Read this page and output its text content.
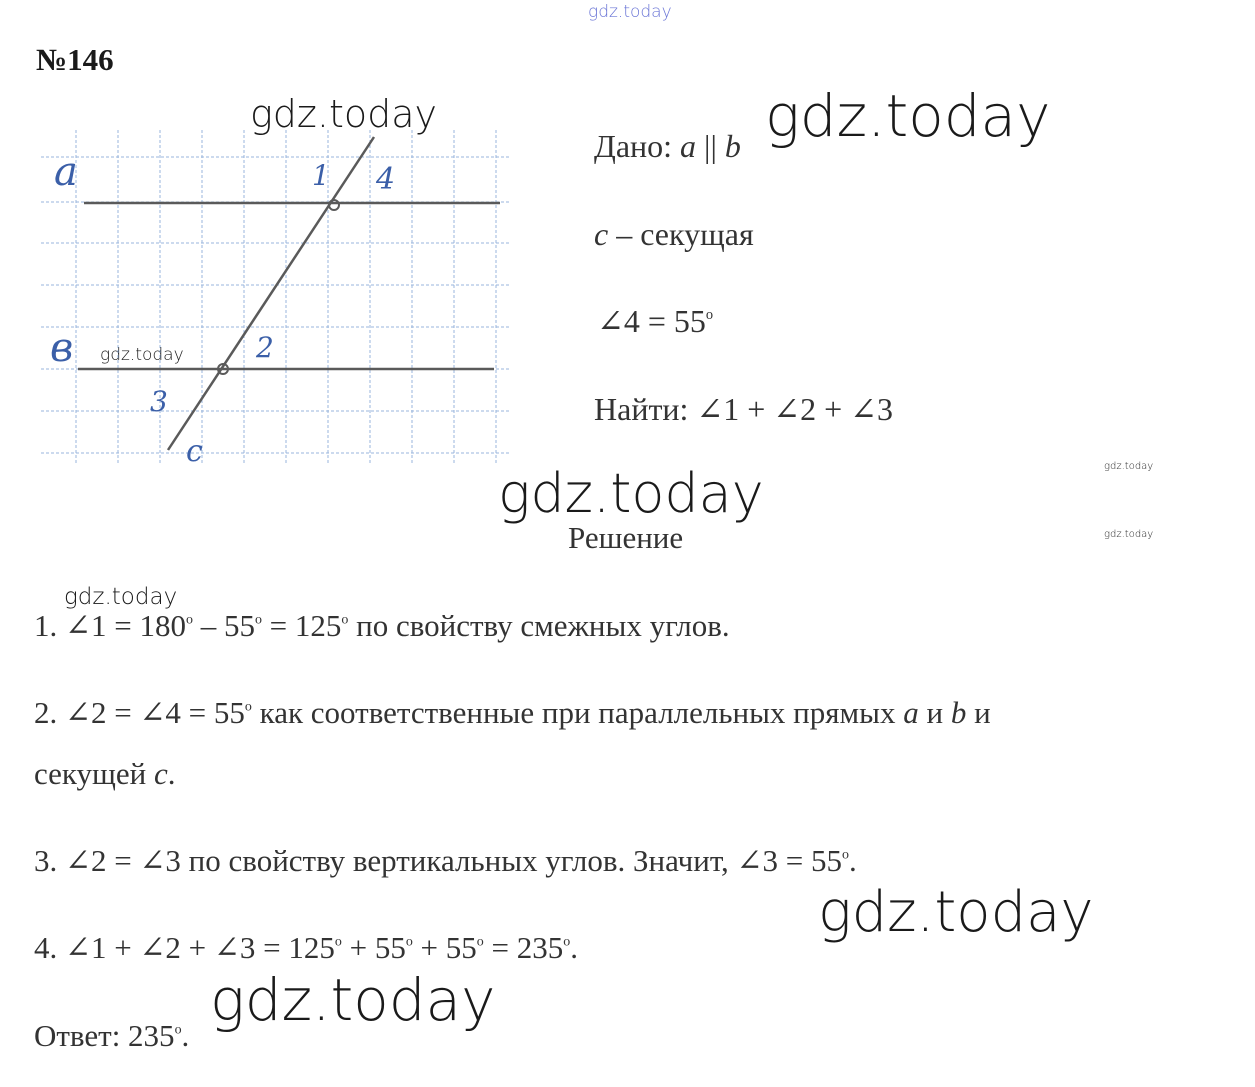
gdz.today
gdz.today	gdz.today
gdz.today
№146
a
в
c
1 4
2
3
Дано: a || b
c – секущая
∠4 = $55^o$
Найти: ∠1 + ∠2 + ∠3
gdz.today	gdz.today
gdz.today
Решение
gdz.today
1. ∠1 = $180^o - 55^o = 125^o$ по свойству смежных углов.
2. ∠2 = ∠4 = $55^o$ как соответственные при параллельных прямых a и b и
секущей c.
3. ∠2 = ∠3 по свойству вертикальных углов. Значит, ∠3 = $55^o$.
gdz.today
4. ∠1 + ∠2 + ∠3 = $125^o + 55^o + 55^o = 235^o$.
gdz.today
Ответ: 235$^o$.
